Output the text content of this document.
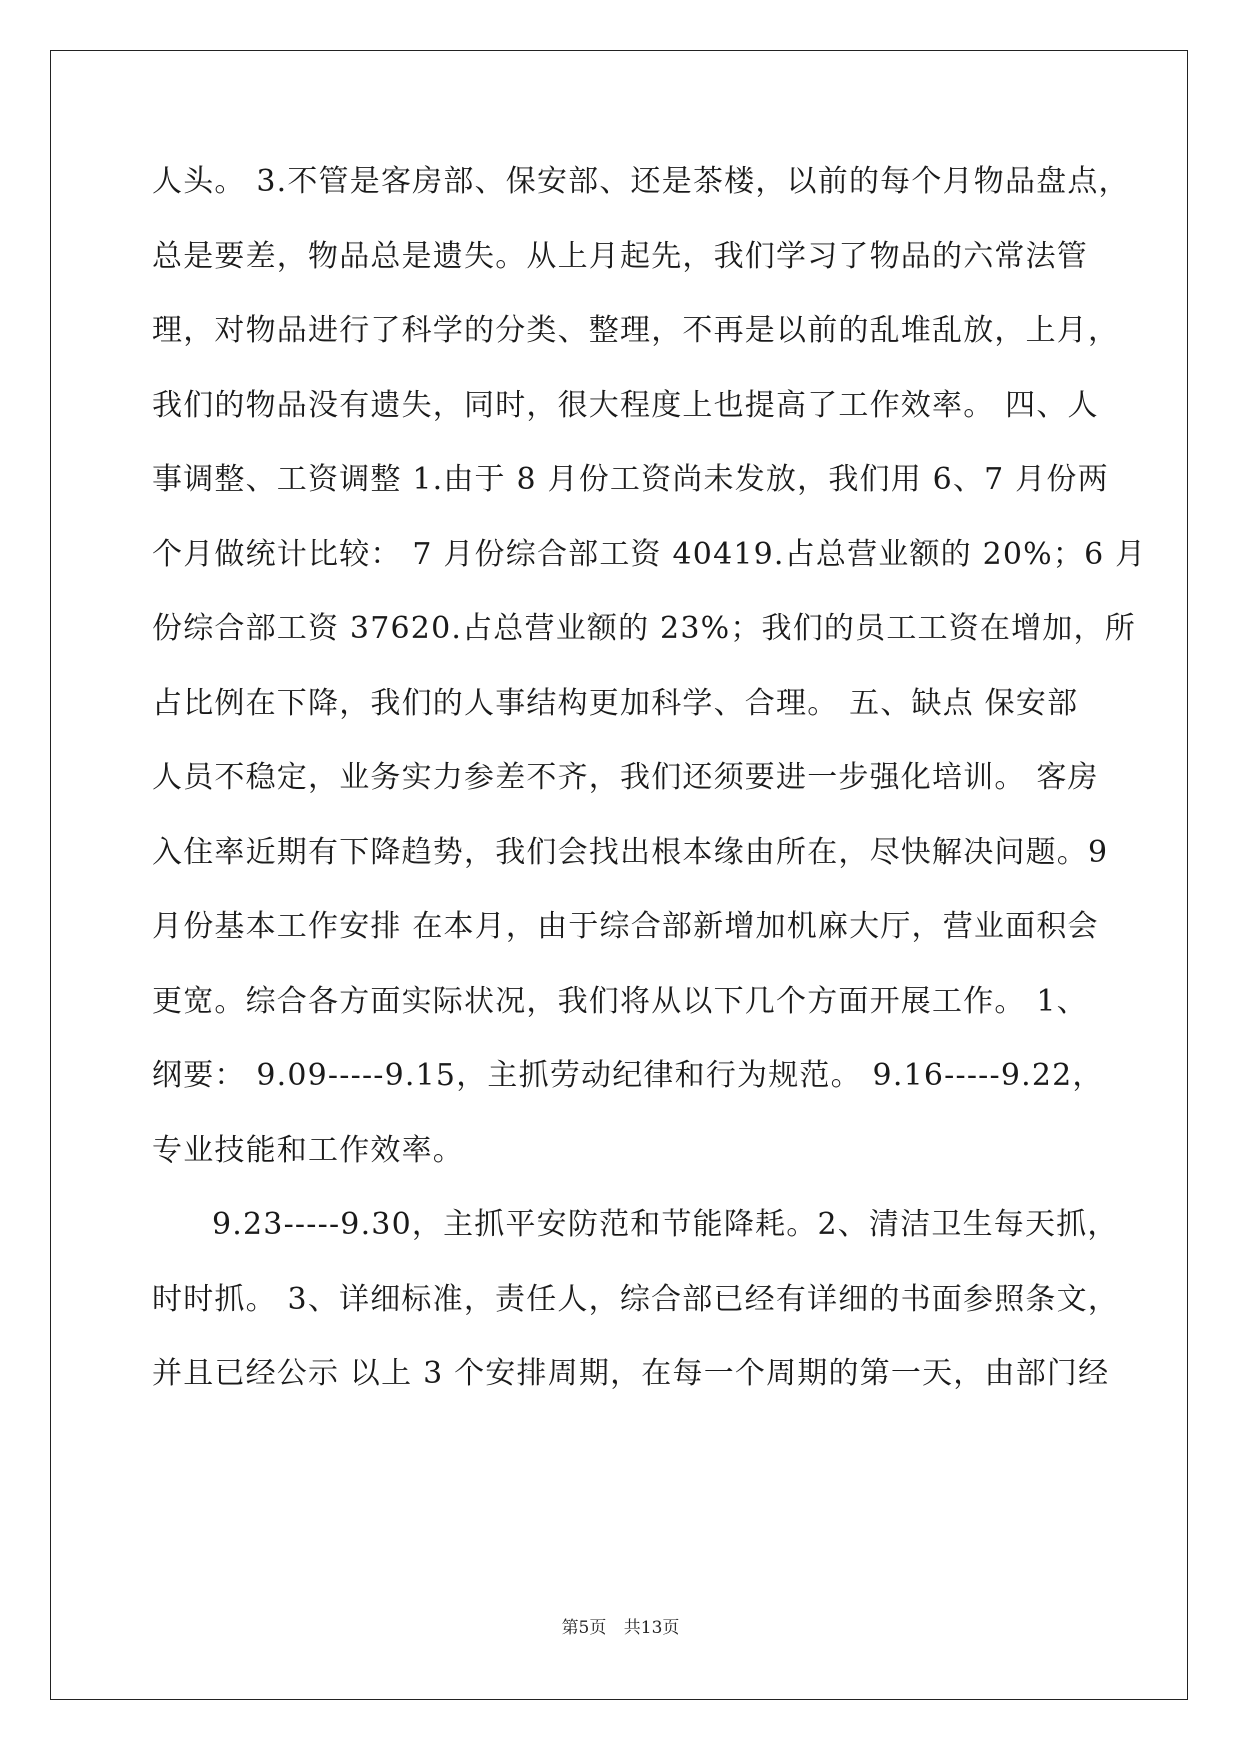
人头。 3.不管是客房部、保安部、还是茶楼，以前的每个月物品盘点，
总是要差，物品总是遗失。从上月起先，我们学习了物品的六常法管
理，对物品进行了科学的分类、整理，不再是以前的乱堆乱放，上月，
我们的物品没有遗失，同时，很大程度上也提高了工作效率。 四、人
事调整、工资调整 1.由于 8 月份工资尚未发放，我们用 6、7 月份两
个月做统计比较： 7 月份综合部工资 40419.占总营业额的 20%；6 月
份综合部工资 37620.占总营业额的 23%；我们的员工工资在增加，所
占比例在下降，我们的人事结构更加科学、合理。 五、缺点 保安部
人员不稳定，业务实力参差不齐，我们还须要进一步强化培训。 客房
入住率近期有下降趋势，我们会找出根本缘由所在，尽快解决问题。9
月份基本工作安排 在本月，由于综合部新增加机麻大厅，营业面积会
更宽。综合各方面实际状况，我们将从以下几个方面开展工作。 1、
纲要： 9.09-----9.15，主抓劳动纪律和行为规范。 9.16-----9.22，
专业技能和工作效率。
9.23-----9.30，主抓平安防范和节能降耗。2、清洁卫生每天抓，
时时抓。 3、详细标准，责任人，综合部已经有详细的书面参照条文，
并且已经公示 以上 3 个安排周期，在每一个周期的第一天，由部门经
第5页 共13页
